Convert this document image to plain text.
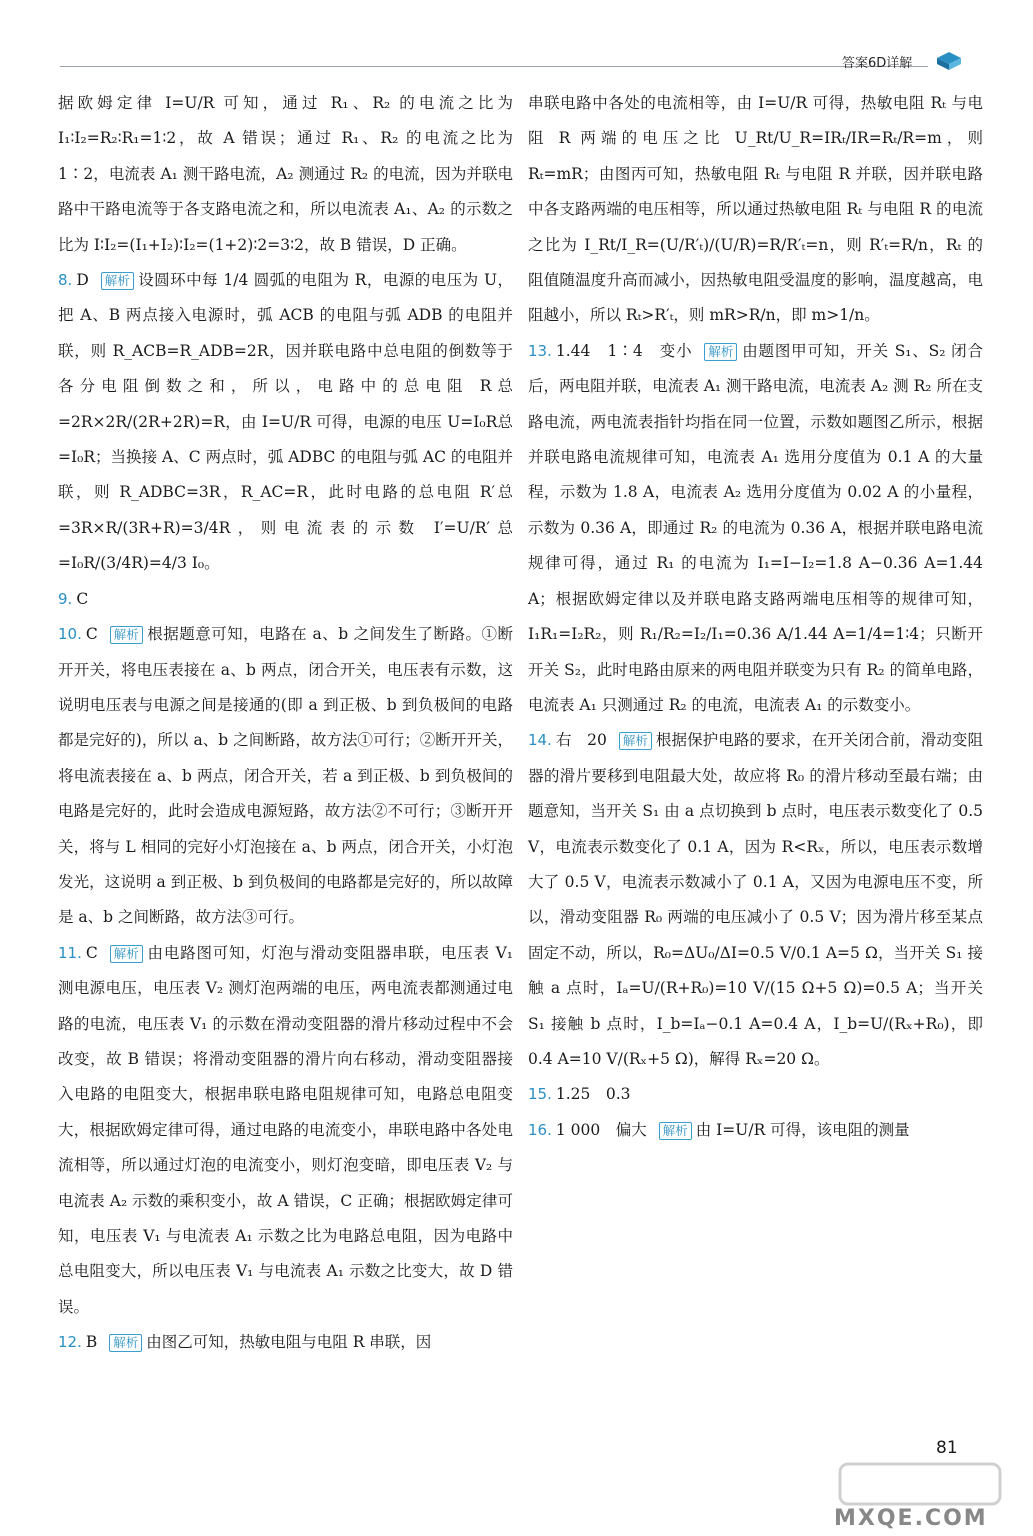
答案6D详解

据欧姆定律 I=U/R 可知，通过 R₁、R₂ 的电流之比为 I₁∶I₂=R₂∶R₁=1∶2，故 A 错误；通过 R₁、R₂ 的电流之比为 1∶2，电流表 A₁ 测干路电流，A₂ 测通过 R₂ 的电流，因为并联电路中干路电流等于各支路电流之和，所以电流表 A₁、A₂ 的示数之比为 I∶I₂=(I₁+I₂)∶I₂=(1+2)∶2=3∶2，故 B 错误，D 正确。

8. D 解析 设圆环中每 1/4 圆弧的电阻为 R，电源的电压为 U，把 A、B 两点接入电源时，弧 ACB 的电阻与弧 ADB 的电阻并联，则 R_ACB=R_ADB=2R，因并联电路中总电阻的倒数等于各分电阻倒数之和，所以，电路中的总电阻 R总=2R×2R/(2R+2R)=R，由 I=U/R 可得，电源的电压 U=I₀R总=I₀R；当换接 A、C 两点时，弧 ADBC 的电阻与弧 AC 的电阻并联，则 R_ADBC=3R，R_AC=R，此时电路的总电阻 R′总=3R×R/(3R+R)=3/4R，则电流表的示数 I′=U/R′总=I₀R/(3/4R)=4/3 I₀。

9. C

10. C 解析 根据题意可知，电路在 a、b 之间发生了断路。①断开开关，将电压表接在 a、b 两点，闭合开关，电压表有示数，这说明电压表与电源之间是接通的(即 a 到正极、b 到负极间的电路都是完好的)，所以 a、b 之间断路，故方法①可行；②断开开关，将电流表接在 a、b 两点，闭合开关，若 a 到正极、b 到负极间的电路是完好的，此时会造成电源短路，故方法②不可行；③断开开关，将与 L 相同的完好小灯泡接在 a、b 两点，闭合开关，小灯泡发光，这说明 a 到正极、b 到负极间的电路都是完好的，所以故障是 a、b 之间断路，故方法③可行。

11. C 解析 由电路图可知，灯泡与滑动变阻器串联，电压表 V₁ 测电源电压，电压表 V₂ 测灯泡两端的电压，两电流表都测通过电路的电流，电压表 V₁ 的示数在滑动变阻器的滑片移动过程中不会改变，故 B 错误；将滑动变阻器的滑片向右移动，滑动变阻器接入电路的电阻变大，根据串联电路电阻规律可知，电路总电阻变大，根据欧姆定律可得，通过电路的电流变小，串联电路中各处电流相等，所以通过灯泡的电流变小，则灯泡变暗，即电压表 V₂ 与电流表 A₂ 示数的乘积变小，故 A 错误，C 正确；根据欧姆定律可知，电压表 V₁ 与电流表 A₁ 示数之比为电路总电阻，因为电路中总电阻变大，所以电压表 V₁ 与电流表 A₁ 示数之比变大，故 D 错误。

12. B 解析 由图乙可知，热敏电阻与电阻 R 串联，因

串联电路中各处的电流相等，由 I=U/R 可得，热敏电阻 Rₜ 与电阻 R 两端的电压之比 U_Rt/U_R=IRₜ/IR=Rₜ/R=m，则 Rₜ=mR；由图丙可知，热敏电阻 Rₜ 与电阻 R 并联，因并联电路中各支路两端的电压相等，所以通过热敏电阻 Rₜ 与电阻 R 的电流之比为 I_Rt/I_R=(U/R′ₜ)/(U/R)=R/R′ₜ=n，则 R′ₜ=R/n，Rₜ 的阻值随温度升高而减小，因热敏电阻受温度的影响，温度越高，电阻越小，所以 Rₜ>R′ₜ，则 mR>R/n，即 m>1/n。

13. 1.44　1∶4　变小 解析 由题图甲可知，开关 S₁、S₂ 闭合后，两电阻并联，电流表 A₁ 测干路电流，电流表 A₂ 测 R₂ 所在支路电流，两电流表指针均指在同一位置，示数如题图乙所示，根据并联电路电流规律可知，电流表 A₁ 选用分度值为 0.1 A 的大量程，示数为 1.8 A，电流表 A₂ 选用分度值为 0.02 A 的小量程，示数为 0.36 A，即通过 R₂ 的电流为 0.36 A，根据并联电路电流规律可得，通过 R₁ 的电流为 I₁=I−I₂=1.8 A−0.36 A=1.44 A；根据欧姆定律以及并联电路支路两端电压相等的规律可知，I₁R₁=I₂R₂，则 R₁/R₂=I₂/I₁=0.36 A/1.44 A=1/4=1∶4；只断开开关 S₂，此时电路由原来的两电阻并联变为只有 R₂ 的简单电路，电流表 A₁ 只测通过 R₂ 的电流，电流表 A₁ 的示数变小。

14. 右　20 解析 根据保护电路的要求，在开关闭合前，滑动变阻器的滑片要移到电阻最大处，故应将 R₀ 的滑片移动至最右端；由题意知，当开关 S₁ 由 a 点切换到 b 点时，电压表示数变化了 0.5 V，电流表示数变化了 0.1 A，因为 R<Rₓ，所以，电压表示数增大了 0.5 V，电流表示数减小了 0.1 A，又因为电源电压不变，所以，滑动变阻器 R₀ 两端的电压减小了 0.5 V；因为滑片移至某点固定不动，所以，R₀=ΔU₀/ΔI=0.5 V/0.1 A=5 Ω，当开关 S₁ 接触 a 点时，Iₐ=U/(R+R₀)=10 V/(15 Ω+5 Ω)=0.5 A；当开关 S₁ 接触 b 点时，I_b=Iₐ−0.1 A=0.4 A，I_b=U/(Rₓ+R₀)，即 0.4 A=10 V/(Rₓ+5 Ω)，解得 Rₓ=20 Ω。

15. 1.25　0.3

16. 1 000　偏大 解析 由 I=U/R 可得，该电阻的测量

81
MXQE.COM
